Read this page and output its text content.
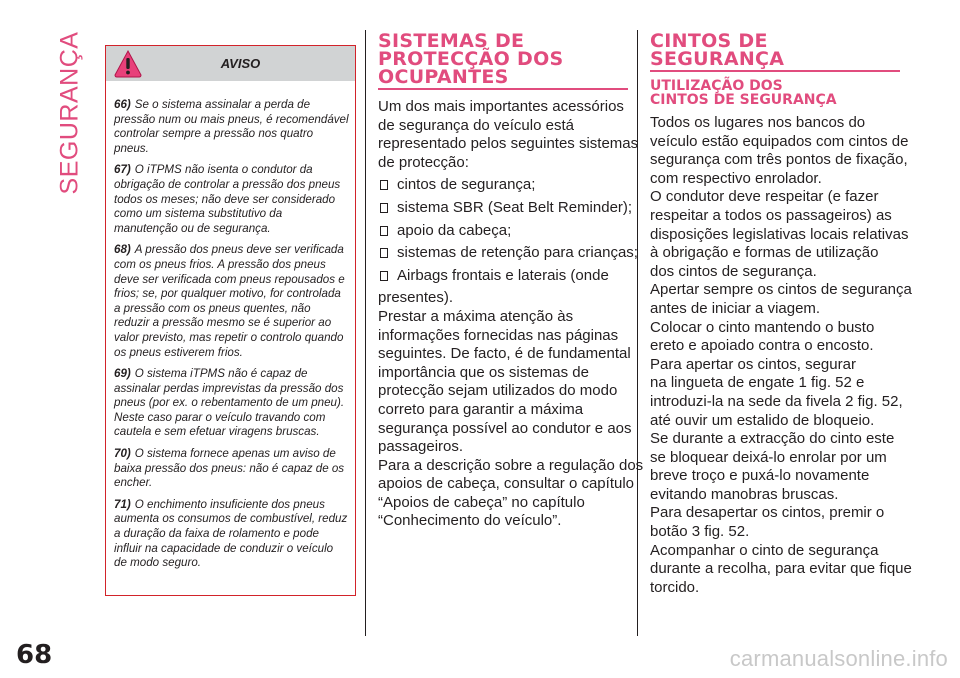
SEGURANÇA
68
AVISO

66) Se o sistema assinalar a perda de pressão num ou mais pneus, é recomendável controlar sempre a pressão nos quatro pneus.

67) O iTPMS não isenta o condutor da obrigação de controlar a pressão dos pneus todos os meses; não deve ser considerado como um sistema substitutivo da manutenção ou de segurança.

68) A pressão dos pneus deve ser verificada com os pneus frios. A pressão dos pneus deve ser verificada com pneus repousados e frios; se, por qualquer motivo, for controlada a pressão com os pneus quentes, não reduzir a pressão mesmo se é superior ao valor previsto, mas repetir o controlo quando os pneus estiverem frios.

69) O sistema iTPMS não é capaz de assinalar perdas imprevistas da pressão dos pneus (por ex. o rebentamento de um pneu). Neste caso parar o veículo travando com cautela e sem efetuar viragens bruscas.

70) O sistema fornece apenas um aviso de baixa pressão dos pneus: não é capaz de os encher.

71) O enchimento insuficiente dos pneus aumenta os consumos de combustível, reduz a duração da faixa de rolamento e pode influir na capacidade de conduzir o veículo de modo seguro.

SISTEMAS DE
PROTECÇÃO DOS
OCUPANTES
Um dos mais importantes acessórios
de segurança do veículo está
representado pelos seguintes sistemas
de protecção:
cintos de segurança;
sistema SBR (Seat Belt Reminder);
apoio da cabeça;
sistemas de retenção para crianças;
Airbags frontais e laterais (onde
presentes).
Prestar a máxima atenção às
informações fornecidas nas páginas
seguintes. De facto, é de fundamental
importância que os sistemas de
protecção sejam utilizados do modo
correto para garantir a máxima
segurança possível ao condutor e aos
passageiros.
Para a descrição sobre a regulação dos
apoios de cabeça, consultar o capítulo
“Apoios de cabeça” no capítulo
“Conhecimento do veículo”.
CINTOS DE
SEGURANÇA
UTILIZAÇÃO DOS
CINTOS DE SEGURANÇA
Todos os lugares nos bancos do
veículo estão equipados com cintos de
segurança com três pontos de fixação,
com respectivo enrolador.
O condutor deve respeitar (e fazer
respeitar a todos os passageiros) as
disposições legislativas locais relativas
à obrigação e formas de utilização
dos cintos de segurança.
Apertar sempre os cintos de segurança
antes de iniciar a viagem.
Colocar o cinto mantendo o busto
ereto e apoiado contra o encosto.
Para apertar os cintos, segurar
na lingueta de engate 1 fig. 52 e
introduzi-la na sede da fivela 2 fig. 52,
até ouvir um estalido de bloqueio.
Se durante a extracção do cinto este
se bloquear deixá-lo enrolar por um
breve troço e puxá-lo novamente
evitando manobras bruscas.
Para desapertar os cintos, premir o
botão 3 fig. 52.
Acompanhar o cinto de segurança
durante a recolha, para evitar que fique
torcido.
carmanualsonline.info
